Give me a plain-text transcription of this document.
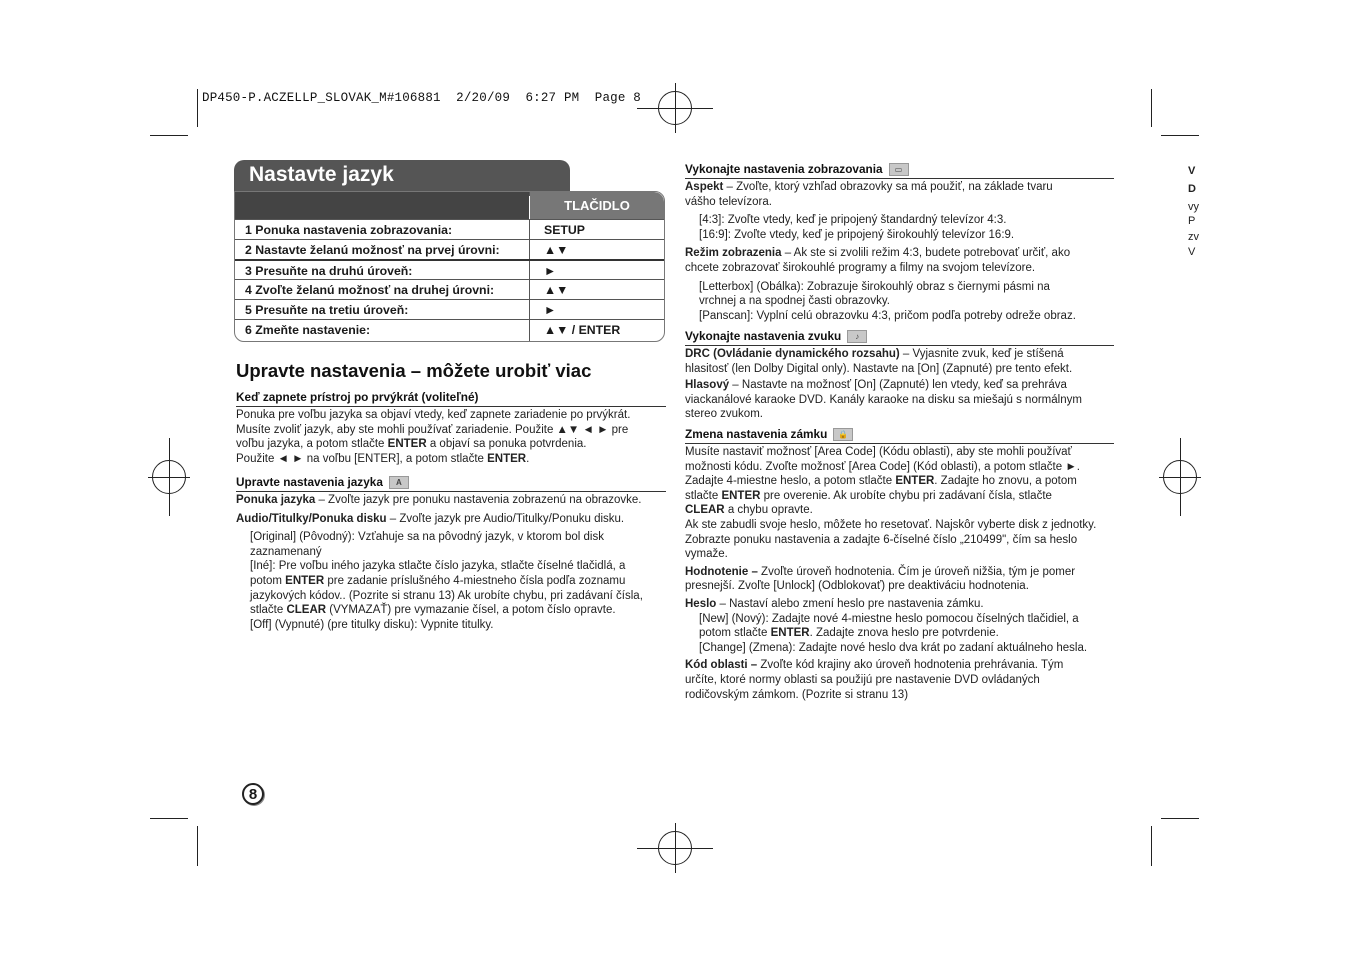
DP450-P.ACZELLP_SLOVAK_M#106881  2/20/09  6:27 PM  Page 8
Nastavte jazyk
TLAČIDLO
1 Ponuka nastavenia zobrazovania:	SETUP
2 Nastavte želanú možnosť na prvej úrovni:	▲▼
3 Presuňte na druhú úroveň:	►
4 Zvoľte želanú možnosť na druhej úrovni:	▲▼
5 Presuňte na tretiu úroveň:	►
6 Zmeňte nastavenie:	▲▼ / ENTER
Upravte nastavenia – môžete urobiť viac
Keď zapnete prístroj po prvýkrát (voliteľné)
Ponuka pre voľbu jazyka sa objaví vtedy, keď zapnete zariadenie po prvýkrát.
Musíte zvoliť jazyk, aby ste mohli používať zariadenie. Použite ▲▼ ◄ ► pre
voľbu jazyka, a potom stlačte ENTER a objaví sa ponuka potvrdenia.
Použite ◄ ► na voľbu [ENTER], a potom stlačte ENTER.
Upravte nastavenia jazyka A
Ponuka jazyka – Zvoľte jazyk pre ponuku nastavenia zobrazenú na obrazovke.
Audio/Titulky/Ponuka disku – Zvoľte jazyk pre Audio/Titulky/Ponuku disku.
[Original] (Pôvodný): Vzťahuje sa na pôvodný jazyk, v ktorom bol disk
zaznamenaný
[Iné]: Pre voľbu iného jazyka stlačte číslo jazyka, stlačte číselné tlačidlá, a
potom ENTER pre zadanie príslušného 4-miestneho čísla podľa zoznamu
jazykových kódov.. (Pozrite si stranu 13) Ak urobíte chybu, pri zadávaní čísla,
stlačte CLEAR (VYMAZAŤ) pre vymazanie čísel, a potom číslo opravte.
[Off] (Vypnuté) (pre titulky disku): Vypnite titulky.
Vykonajte nastavenia zobrazovania ▭
Aspekt – Zvoľte, ktorý vzhľad obrazovky sa má použiť, na základe tvaru
vášho televízora.
[4:3]: Zvoľte vtedy, keď je pripojený štandardný televízor 4:3.
[16:9]: Zvoľte vtedy, keď je pripojený širokouhlý televízor 16:9.
Režim zobrazenia – Ak ste si zvolili režim 4:3, budete potrebovať určiť, ako
chcete zobrazovať širokouhlé programy a filmy na svojom televízore.
[Letterbox] (Obálka): Zobrazuje širokouhlý obraz s čiernymi pásmi na
vrchnej a na spodnej časti obrazovky.
[Panscan]: Vyplní celú obrazovku 4:3, pričom podľa potreby odreže obraz.
Vykonajte nastavenia zvuku ♪
DRC (Ovládanie dynamického rozsahu) – Vyjasnite zvuk, keď je stíšená
hlasitosť (len Dolby Digital only). Nastavte na [On] (Zapnuté) pre tento efekt.
Hlasový – Nastavte na možnosť [On] (Zapnuté) len vtedy, keď sa prehráva
viackanálové karaoke DVD. Kanály karaoke na disku sa miešajú s normálnym
stereo zvukom.
Zmena nastavenia zámku 🔒
Musíte nastaviť možnosť [Area Code] (Kódu oblasti), aby ste mohli používať
možnosti kódu. Zvoľte možnosť [Area Code] (Kód oblasti), a potom stlačte ►.
Zadajte 4-miestne heslo, a potom stlačte ENTER. Zadajte ho znovu, a potom
stlačte ENTER pre overenie. Ak urobíte chybu pri zadávaní čísla, stlačte
CLEAR a chybu opravte.
Ak ste zabudli svoje heslo, môžete ho resetovať. Najskôr vyberte disk z jednotky.
Zobrazte ponuku nastavenia a zadajte 6-číselné číslo „210499", čím sa heslo
vymaže.
Hodnotenie – Zvoľte úroveň hodnotenia. Čím je úroveň nižšia, tým je pomer
presnejší. Zvoľte [Unlock] (Odblokovať) pre deaktiváciu hodnotenia.
Heslo – Nastaví alebo zmení heslo pre nastavenia zámku.
[New] (Nový): Zadajte nové 4-miestne heslo pomocou číselných tlačidiel, a
potom stlačte ENTER. Zadajte znova heslo pre potvrdenie.
[Change] (Zmena): Zadajte nové heslo dva krát po zadaní aktuálneho hesla.
Kód oblasti – Zvoľte kód krajiny ako úroveň hodnotenia prehrávania. Tým
určíte, ktoré normy oblasti sa použijú pre nastavenie DVD ovládaných
rodičovským zámkom. (Pozrite si stranu 13)
8
V
D
vy
P
zv
V
